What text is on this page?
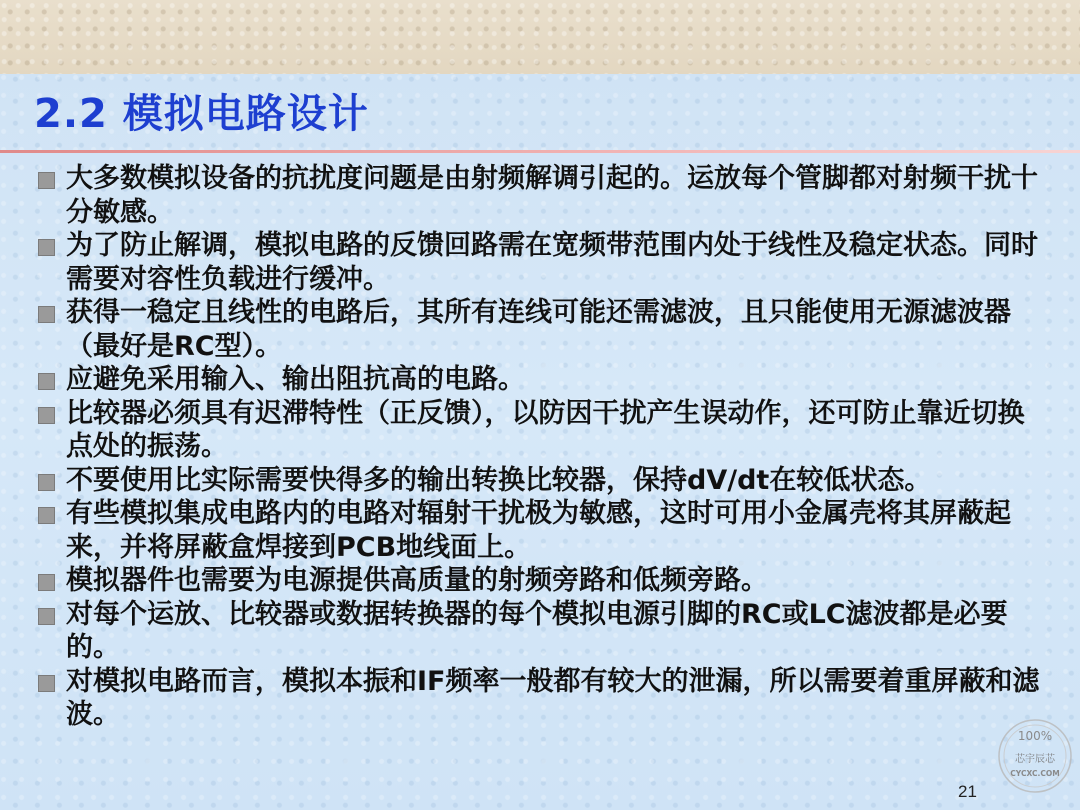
2.2 模拟电路设计
大多数模拟设备的抗扰度问题是由射频解调引起的。运放每个管脚都对射频干扰十分敏感。
为了防止解调，模拟电路的反馈回路需在宽频带范围内处于线性及稳定状态。同时需要对容性负载进行缓冲。
获得一稳定且线性的电路后，其所有连线可能还需滤波，且只能使用无源滤波器（最好是RC型）。
应避免采用输入、输出阻抗高的电路。
比较器必须具有迟滞特性（正反馈），以防因干扰产生误动作，还可防止靠近切换点处的振荡。
不要使用比实际需要快得多的输出转换比较器，保持dV/dt在较低状态。
有些模拟集成电路内的电路对辐射干扰极为敏感，这时可用小金属壳将其屏蔽起来，并将屏蔽盒焊接到PCB地线面上。
模拟器件也需要为电源提供高质量的射频旁路和低频旁路。
对每个运放、比较器或数据转换器的每个模拟电源引脚的RC或LC滤波都是必要的。
对模拟电路而言，模拟本振和IF频率一般都有较大的泄漏，所以需要着重屏蔽和滤波。
100%
芯宇辰芯
CYCXC.COM
21
